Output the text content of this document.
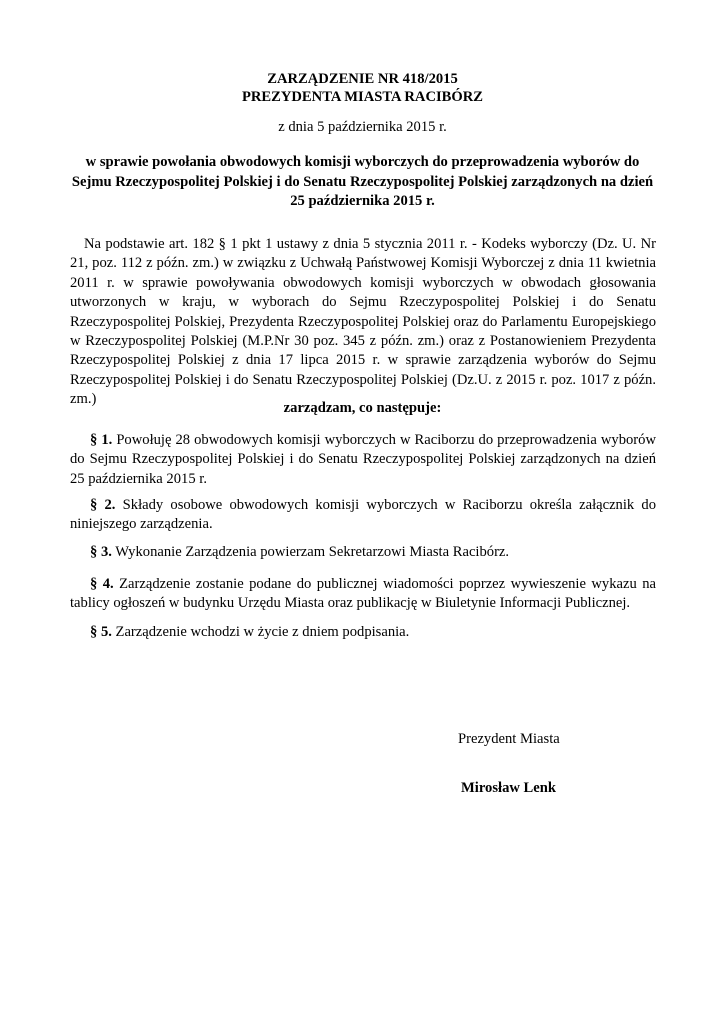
ZARZĄDZENIE NR 418/2015
PREZYDENTA MIASTA RACIBÓRZ
z dnia 5 października 2015 r.
w sprawie powołania obwodowych komisji wyborczych do przeprowadzenia wyborów do Sejmu Rzeczypospolitej Polskiej i do Senatu Rzeczypospolitej Polskiej zarządzonych na dzień 25 października 2015 r.
Na podstawie art. 182 § 1 pkt 1 ustawy z dnia 5 stycznia 2011 r. - Kodeks wyborczy (Dz. U. Nr 21, poz. 112 z późn. zm.) w związku z Uchwałą Państwowej Komisji Wyborczej z dnia 11 kwietnia 2011 r. w sprawie powoływania obwodowych komisji wyborczych w obwodach głosowania utworzonych w kraju, w wyborach do Sejmu Rzeczypospolitej Polskiej i do Senatu Rzeczypospolitej Polskiej, Prezydenta Rzeczypospolitej Polskiej oraz do Parlamentu Europejskiego w Rzeczypospolitej Polskiej (M.P.Nr 30 poz. 345 z późn. zm.) oraz z Postanowieniem Prezydenta Rzeczypospolitej Polskiej z dnia 17 lipca 2015 r. w sprawie zarządzenia wyborów do Sejmu Rzeczypospolitej Polskiej i do Senatu Rzeczypospolitej Polskiej (Dz.U. z 2015 r. poz. 1017 z późn. zm.)
zarządzam, co następuje:
§ 1. Powołuję 28 obwodowych komisji wyborczych w Raciborzu do przeprowadzenia wyborów do Sejmu Rzeczypospolitej Polskiej i do Senatu Rzeczypospolitej Polskiej zarządzonych na dzień 25 października 2015 r.
§ 2. Składy osobowe obwodowych komisji wyborczych w Raciborzu określa załącznik do niniejszego zarządzenia.
§ 3. Wykonanie Zarządzenia powierzam Sekretarzowi Miasta Racibórz.
§ 4. Zarządzenie zostanie podane do publicznej wiadomości poprzez wywieszenie wykazu na tablicy ogłoszeń w budynku Urzędu Miasta oraz publikację w Biuletynie Informacji Publicznej.
§ 5. Zarządzenie wchodzi w życie z dniem podpisania.
Prezydent Miasta
Mirosław Lenk
